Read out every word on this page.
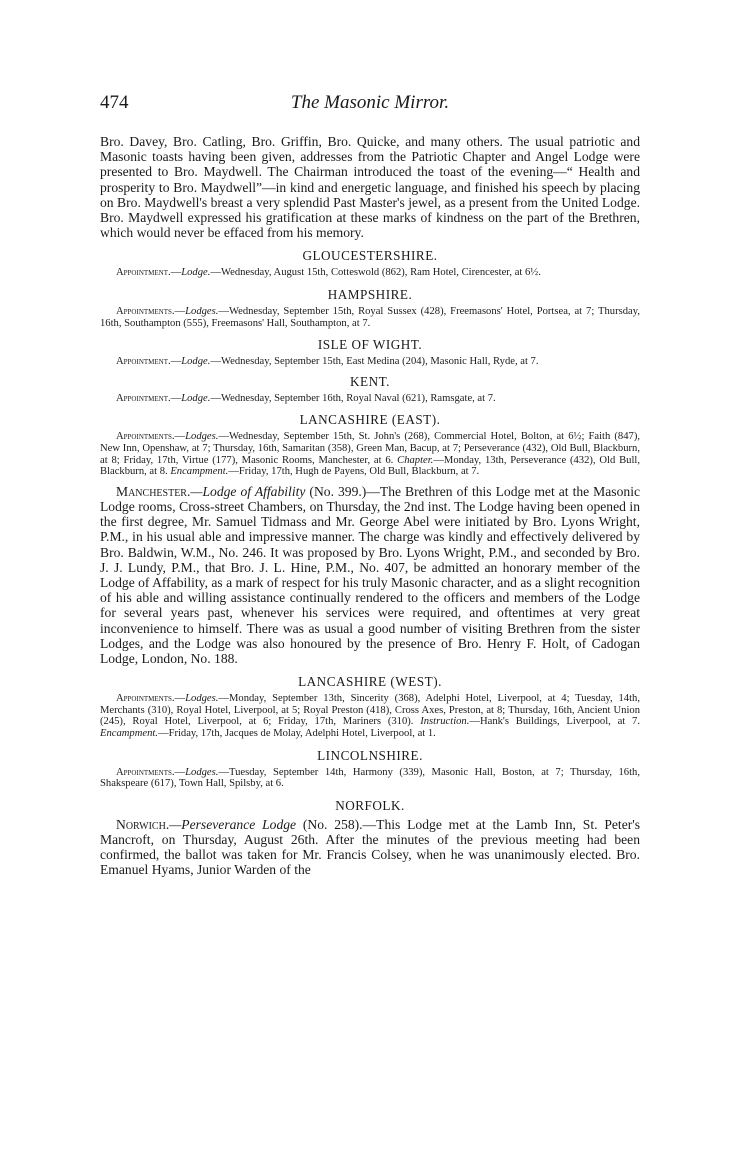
474	The Masonic Mirror.

Bro. Davey, Bro. Catling, Bro. Griffin, Bro. Quicke, and many others. The usual patriotic and Masonic toasts having been given, addresses from the Patriotic Chapter and Angel Lodge were presented to Bro. Maydwell. The Chairman introduced the toast of the evening—“ Health and prosperity to Bro. Maydwell”—in kind and energetic language, and finished his speech by placing on Bro. Maydwell's breast a very splendid Past Master's jewel, as a present from the United Lodge. Bro. Maydwell expressed his gratification at these marks of kindness on the part of the Brethren, which would never be effaced from his memory.

GLOUCESTERSHIRE.

Appointment.—Lodge.—Wednesday, August 15th, Cotteswold (862), Ram Hotel, Cirencester, at 6½.

HAMPSHIRE.

Appointments.—Lodges.—Wednesday, September 15th, Royal Sussex (428), Freemasons' Hotel, Portsea, at 7; Thursday, 16th, Southampton (555), Freemasons' Hall, Southampton, at 7.

ISLE OF WIGHT.

Appointment.—Lodge.—Wednesday, September 15th, East Medina (204), Masonic Hall, Ryde, at 7.

KENT.

Appointment.—Lodge.—Wednesday, September 16th, Royal Naval (621), Ramsgate, at 7.

LANCASHIRE (EAST).

Appointments.—Lodges.—Wednesday, September 15th, St. John's (268), Commercial Hotel, Bolton, at 6½; Faith (847), New Inn, Openshaw, at 7; Thursday, 16th, Samaritan (358), Green Man, Bacup, at 7; Perseverance (432), Old Bull, Blackburn, at 8; Friday, 17th, Virtue (177), Masonic Rooms, Manchester, at 6. Chapter.—Monday, 13th, Perseverance (432), Old Bull, Blackburn, at 8. Encampment.—Friday, 17th, Hugh de Payens, Old Bull, Blackburn, at 7.

Manchester.—Lodge of Affability (No. 399.)—The Brethren of this Lodge met at the Masonic Lodge rooms, Cross-street Chambers, on Thursday, the 2nd inst. The Lodge having been opened in the first degree, Mr. Samuel Tidmass and Mr. George Abel were initiated by Bro. Lyons Wright, P.M., in his usual able and impressive manner. The charge was kindly and effectively delivered by Bro. Baldwin, W.M., No. 246. It was proposed by Bro. Lyons Wright, P.M., and seconded by Bro. J. J. Lundy, P.M., that Bro. J. L. Hine, P.M., No. 407, be admitted an honorary member of the Lodge of Affability, as a mark of respect for his truly Masonic character, and as a slight recognition of his able and willing assistance continually rendered to the officers and members of the Lodge for several years past, whenever his services were required, and oftentimes at very great inconvenience to himself. There was as usual a good number of visiting Brethren from the sister Lodges, and the Lodge was also honoured by the presence of Bro. Henry F. Holt, of Cadogan Lodge, London, No. 188.

LANCASHIRE (WEST).

Appointments.—Lodges.—Monday, September 13th, Sincerity (368), Adelphi Hotel, Liverpool, at 4; Tuesday, 14th, Merchants (310), Royal Hotel, Liverpool, at 5; Royal Preston (418), Cross Axes, Preston, at 8; Thursday, 16th, Ancient Union (245), Royal Hotel, Liverpool, at 6; Friday, 17th, Mariners (310). Instruction.—Hank's Buildings, Liverpool, at 7. Encampment.—Friday, 17th, Jacques de Molay, Adelphi Hotel, Liverpool, at 1.

LINCOLNSHIRE.

Appointments.—Lodges.—Tuesday, September 14th, Harmony (339), Masonic Hall, Boston, at 7; Thursday, 16th, Shakspeare (617), Town Hall, Spilsby, at 6.

NORFOLK.

Norwich.—Perseverance Lodge (No. 258).—This Lodge met at the Lamb Inn, St. Peter's Mancroft, on Thursday, August 26th. After the minutes of the previous meeting had been confirmed, the ballot was taken for Mr. Francis Colsey, when he was unanimously elected. Bro. Emanuel Hyams, Junior Warden of the
